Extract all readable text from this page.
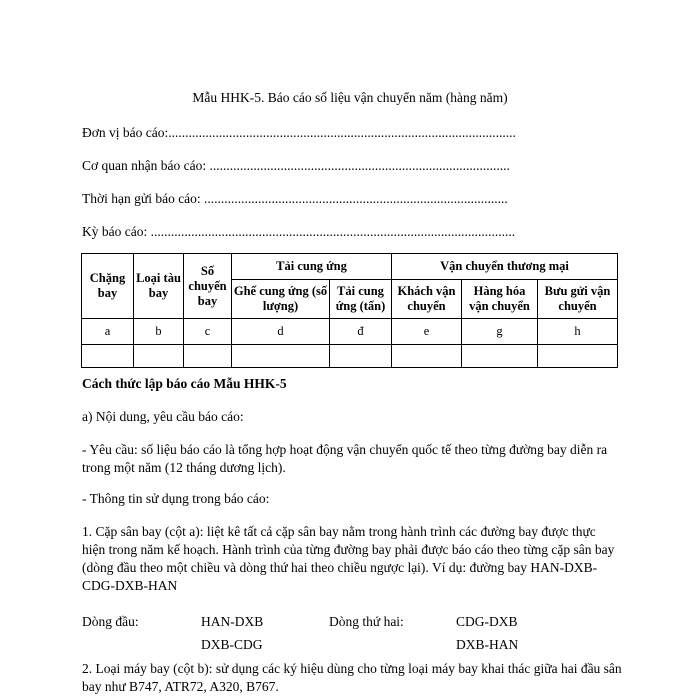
Mẫu HHK-5. Báo cáo số liệu vận chuyển năm (hàng năm)
Đơn vị báo cáo:.......................................................................................................
Cơ quan nhận báo cáo: .........................................................................................
Thời hạn gửi báo cáo: ..........................................................................................
Kỳ báo cáo: ............................................................................................................
Chặng bay	Loại tàu bay	Số chuyến bay	Tải cung ứng		Vận chuyển thương mại		
			Ghế cung ứng (số lượng)	Tải cung ứng (tấn)	Khách vận chuyển	Hàng hóa vận chuyển	Bưu gửi vận chuyển
a	b	c	d	đ	e	g	h

Cách thức lập báo cáo Mẫu HHK-5
a) Nội dung, yêu cầu báo cáo:
- Yêu cầu: số liệu báo cáo là tổng hợp hoạt động vận chuyển quốc tế theo từng đường bay diễn ra trong một năm (12 tháng dương lịch).
- Thông tin sử dụng trong báo cáo:
1. Cặp sân bay (cột a): liệt kê tất cả cặp sân bay nằm trong hành trình các đường bay được thực hiện trong năm kế hoạch. Hành trình của từng đường bay phải được báo cáo theo từng cặp sân bay (dòng đầu theo một chiều và dòng thứ hai theo chiều ngược lại). Ví dụ: đường bay HAN-DXB-CDG-DXB-HAN
Dòng đầu:	HAN-DXB
DXB-CDG
Dòng thứ hai:	CDG-DXB
DXB-HAN
2. Loại máy bay (cột b): sử dụng các ký hiệu dùng cho từng loại máy bay khai thác giữa hai đầu sân bay như B747, ATR72, A320, B767.
